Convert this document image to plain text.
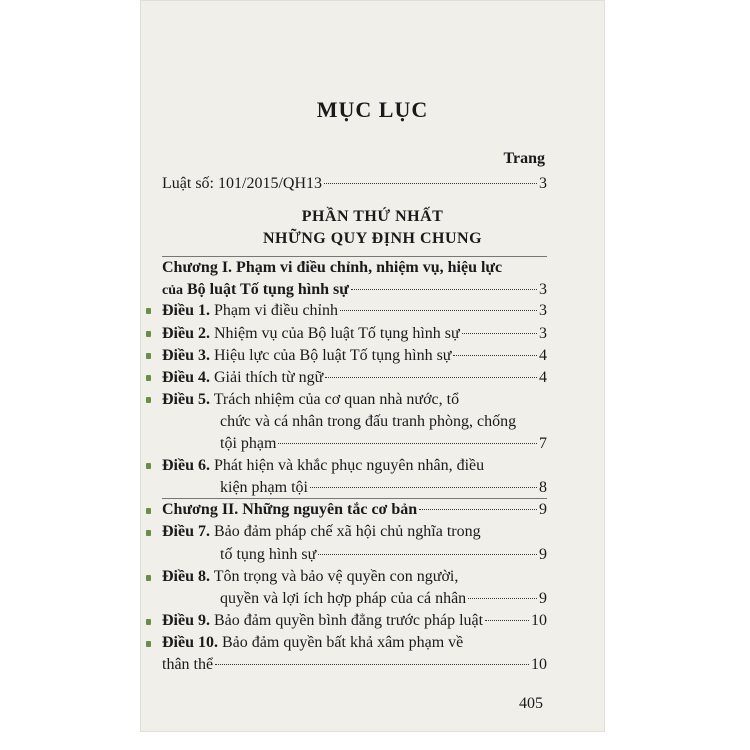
MỤC LỤC
Trang
Luật số: 101/2015/QH13	3
PHẦN THỨ NHẤT
NHỮNG QUY ĐỊNH CHUNG
Chương I. Phạm vi điều chỉnh, nhiệm vụ, hiệu lực
của Bộ luật Tố tụng hình sự	3
Điều 1. Phạm vi điều chỉnh	3
Điều 2. Nhiệm vụ của Bộ luật Tố tụng hình sự	3
Điều 3. Hiệu lực của Bộ luật Tố tụng hình sự	4
Điều 4. Giải thích từ ngữ	4
Điều 5. Trách nhiệm của cơ quan nhà nước, tổ
chức và cá nhân trong đấu tranh phòng, chống
tội phạm	7
Điều 6. Phát hiện và khắc phục nguyên nhân, điều
kiện phạm tội	8
Chương II. Những nguyên tắc cơ bản	9
Điều 7. Bảo đảm pháp chế xã hội chủ nghĩa trong
tố tụng hình sự	9
Điều 8. Tôn trọng và bảo vệ quyền con người,
quyền và lợi ích hợp pháp của cá nhân	9
Điều 9. Bảo đảm quyền bình đẳng trước pháp luật	10
Điều 10. Bảo đảm quyền bất khả xâm phạm về
thân thể	10
405
